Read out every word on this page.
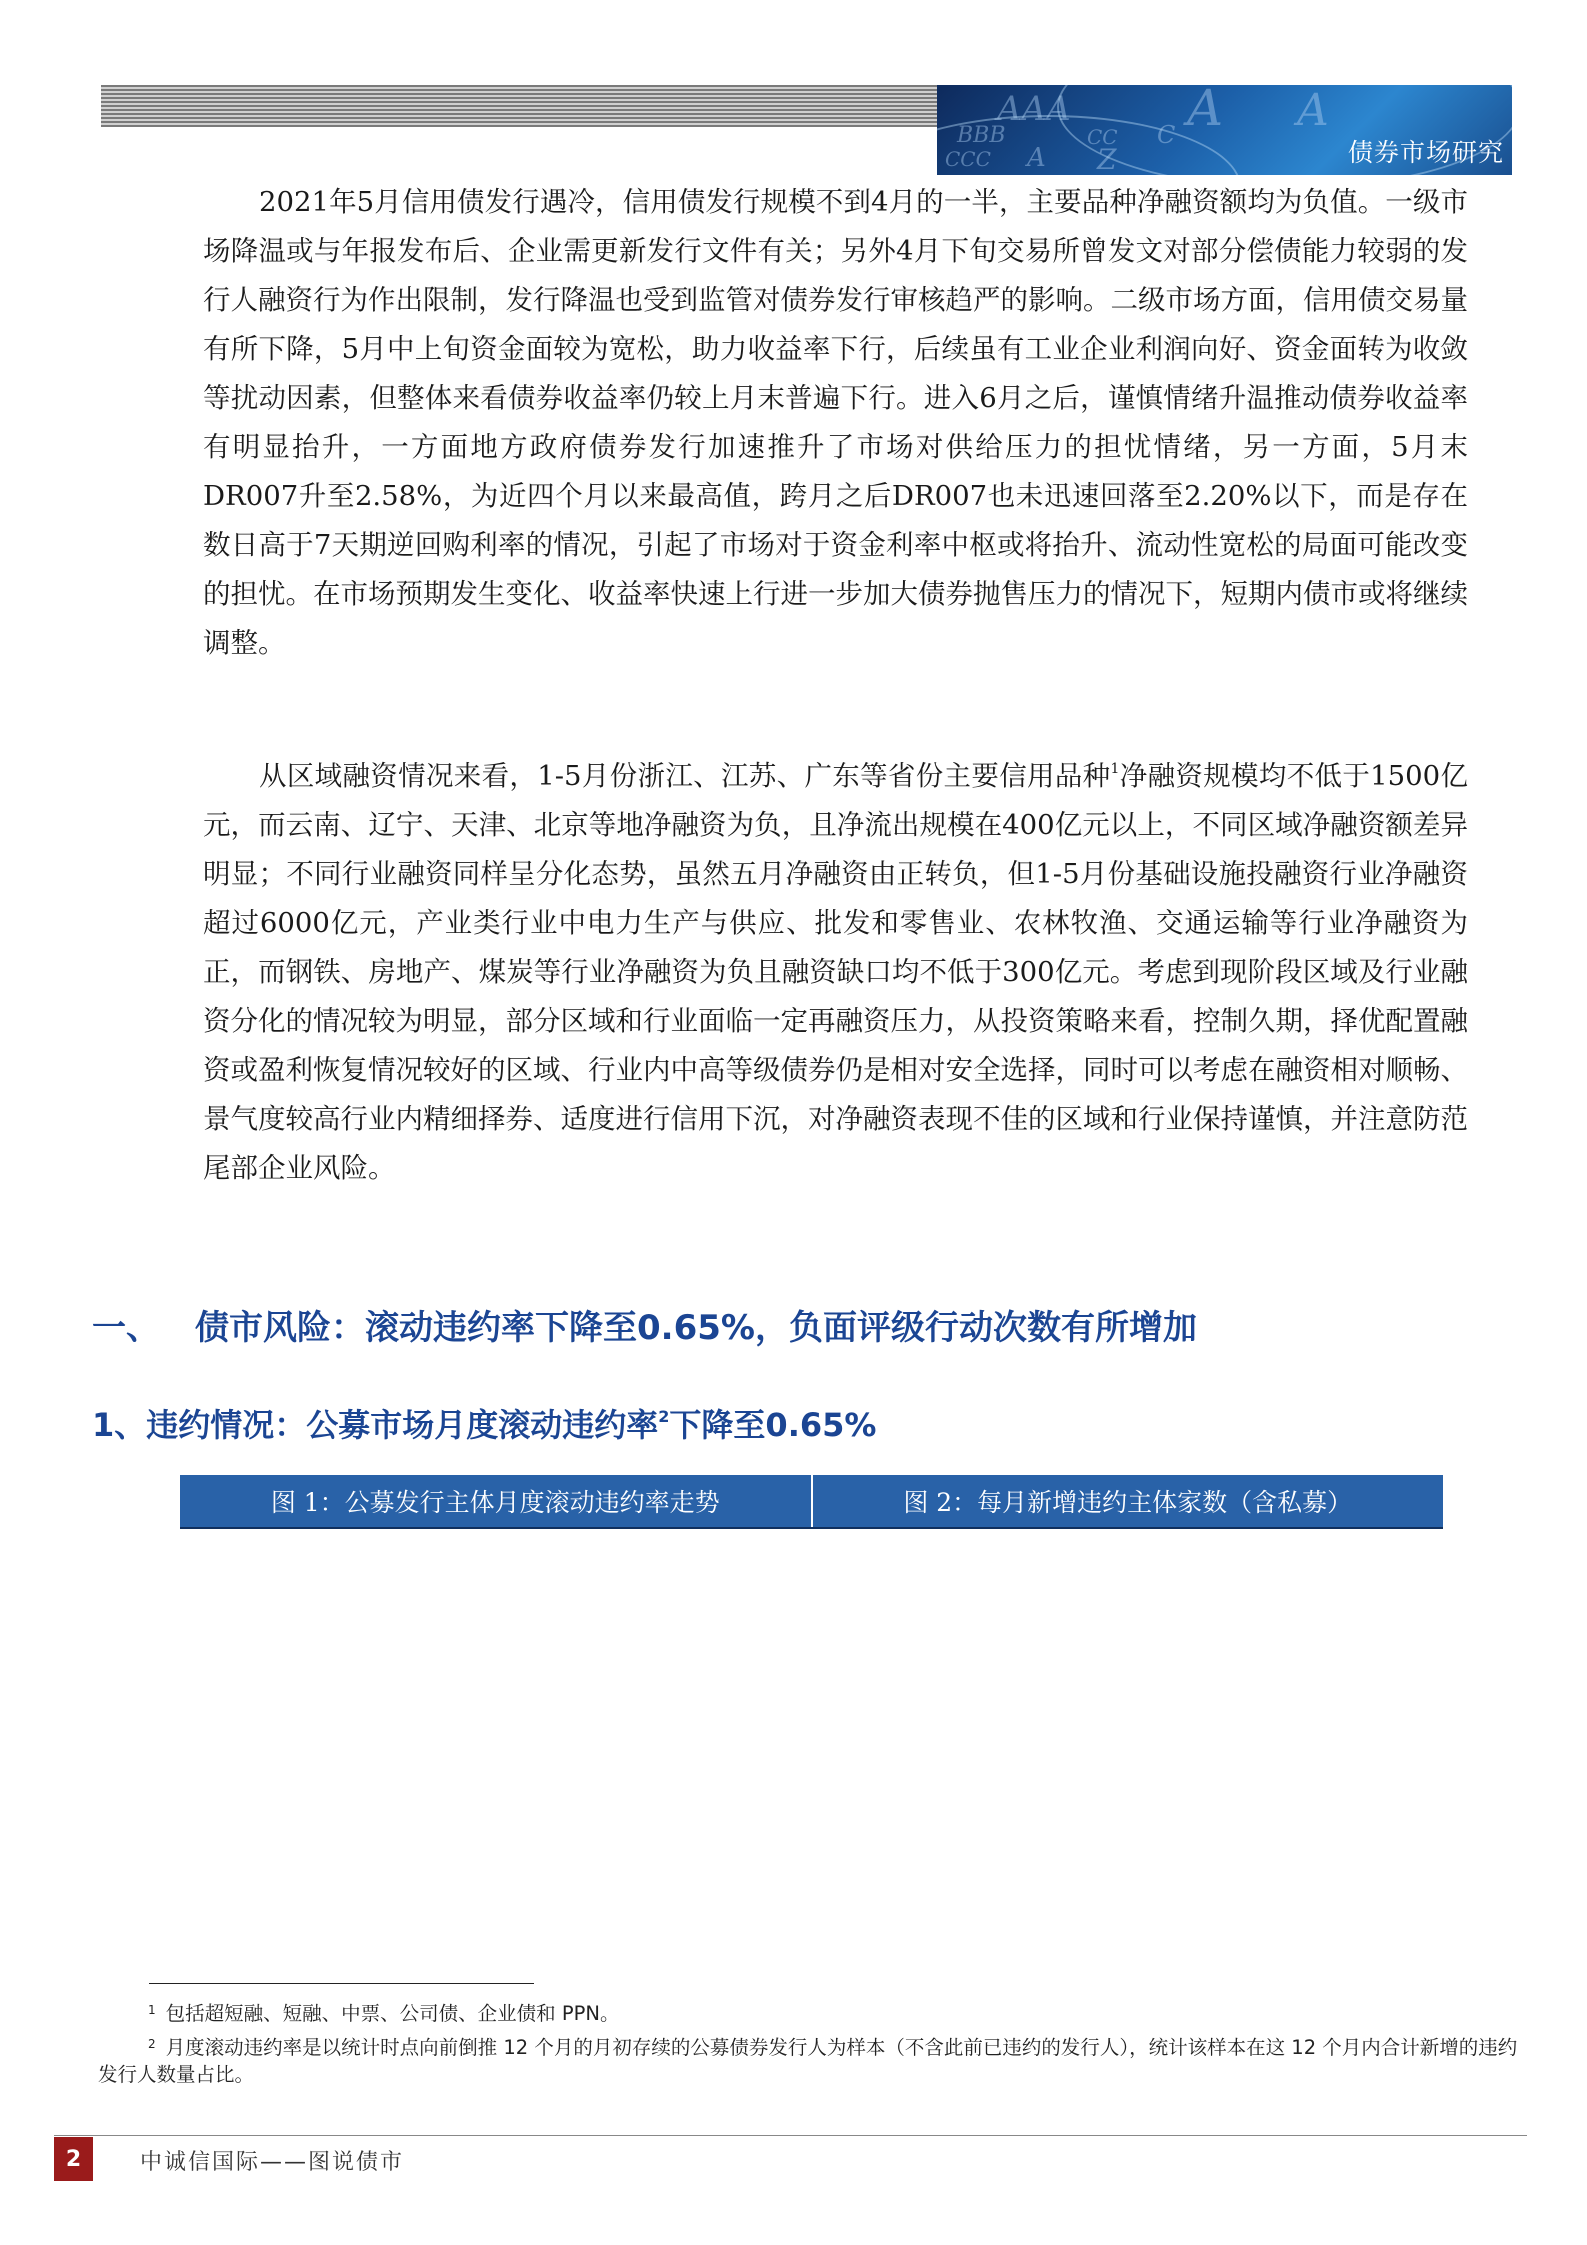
AAA A
BBB	CC C	A
CCC A Z	债券市场研究

2021年5月信用债发行遇冷，信用债发行规模不到4月的一半，主要品种净融资额均为负值。一级市场降温或与年报发布后、企业需更新发行文件有关；另外4月下旬交易所曾发文对部分偿债能力较弱的发行人融资行为作出限制，发行降温也受到监管对债券发行审核趋严的影响。二级市场方面，信用债交易量有所下降，5月中上旬资金面较为宽松，助力收益率下行，后续虽有工业企业利润向好、资金面转为收敛等扰动因素，但整体来看债券收益率仍较上月末普遍下行。进入6月之后，谨慎情绪升温推动债券收益率有明显抬升，一方面地方政府债券发行加速推升了市场对供给压力的担忧情绪，另一方面，5月末DR007升至2.58%，为近四个月以来最高值，跨月之后DR007也未迅速回落至2.20%以下，而是存在数日高于7天期逆回购利率的情况，引起了市场对于资金利率中枢或将抬升、流动性宽松的局面可能改变的担忧。在市场预期发生变化、收益率快速上行进一步加大债券抛售压力的情况下，短期内债市或将继续调整。

从区域融资情况来看，1-5月份浙江、江苏、广东等省份主要信用品种$^1$净融资规模均不低于1500亿元，而云南、辽宁、天津、北京等地净融资为负，且净流出规模在400亿元以上，不同区域净融资额差异明显；不同行业融资同样呈分化态势，虽然五月净融资由正转负，但1-5月份基础设施投融资行业净融资超过6000亿元，产业类行业中电力生产与供应、批发和零售业、农林牧渔、交通运输等行业净融资为正，而钢铁、房地产、煤炭等行业净融资为负且融资缺口均不低于300亿元。考虑到现阶段区域及行业融资分化的情况较为明显，部分区域和行业面临一定再融资压力，从投资策略来看，控制久期，择优配置融资或盈利恢复情况较好的区域、行业内中高等级债券仍是相对安全选择，同时可以考虑在融资相对顺畅、景气度较高行业内精细择券、适度进行信用下沉，对净融资表现不佳的区域和行业保持谨慎，并注意防范尾部企业风险。

一、 债市风险：滚动违约率下降至0.65%，负面评级行动次数有所增加
1、违约情况：公募市场月度滚动违约率$^2$下降至0.65%
图 1：公募发行主体月度滚动违约率走势	图 2：每月新增违约主体家数（含私募）

$^1$ 包括超短融、短融、中票、公司债、企业债和 PPN。

$^2$ 月度滚动违约率是以统计时点向前倒推 12 个月的月初存续的公募债券发行人为样本（不含此前已违约的发行人），统计该样本在这 12 个月内合计新增的违约发行人数量占比。

2	中诚信国际——图说债市
